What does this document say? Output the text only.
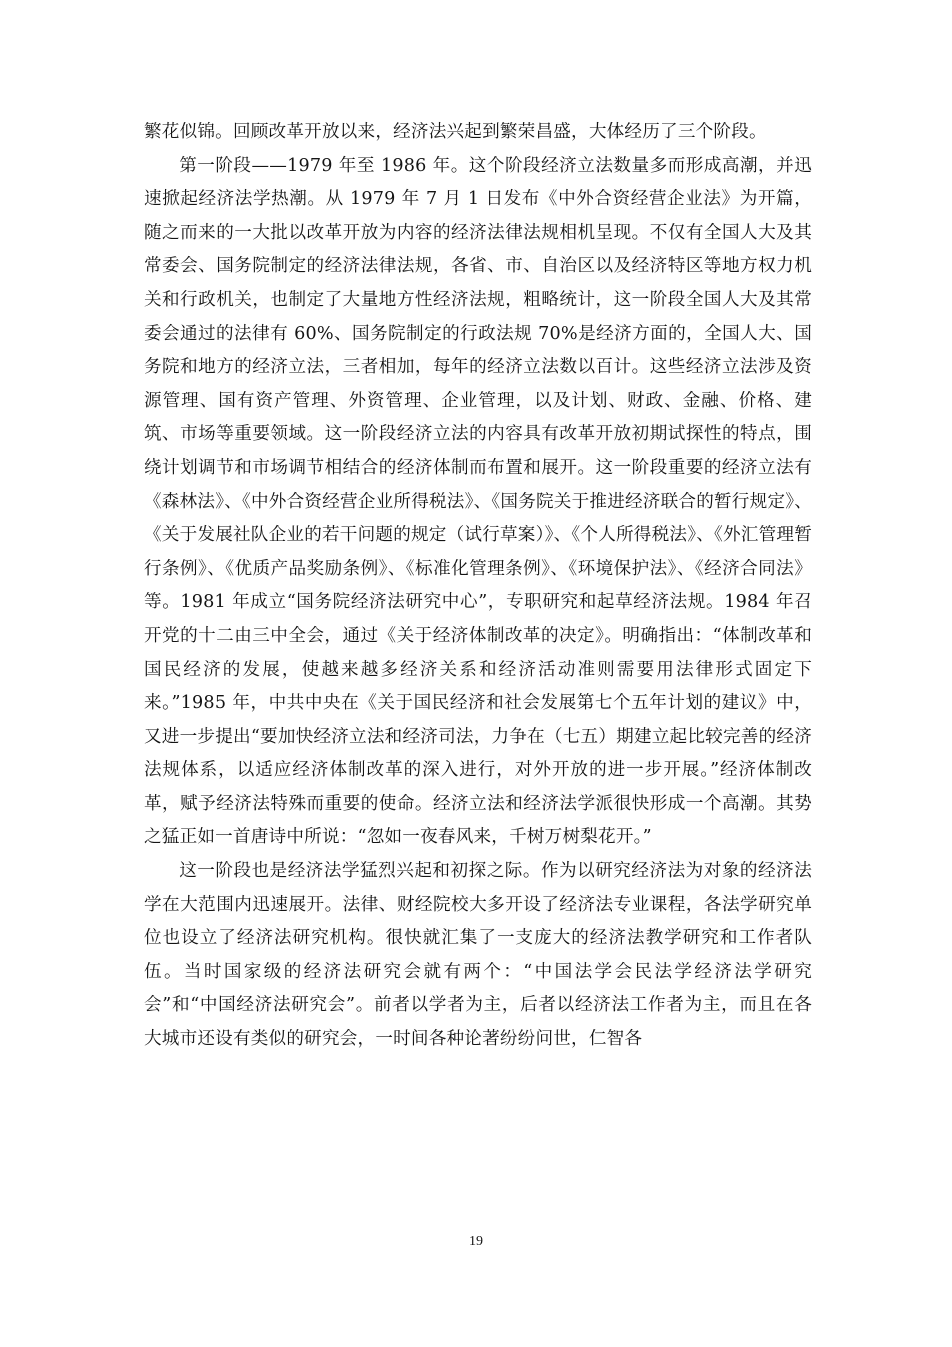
繁花似锦。回顾改革开放以来，经济法兴起到繁荣昌盛，大体经历了三个阶段。

第一阶段——1979 年至 1986 年。这个阶段经济立法数量多而形成高潮，并迅速掀起经济法学热潮。从 1979 年 7 月 1 日发布《中外合资经营企业法》为开篇，随之而来的一大批以改革开放为内容的经济法律法规相机呈现。不仅有全国人大及其常委会、国务院制定的经济法律法规，各省、市、自治区以及经济特区等地方权力机关和行政机关，也制定了大量地方性经济法规，粗略统计，这一阶段全国人大及其常委会通过的法律有 60%、国务院制定的行政法规 70%是经济方面的，全国人大、国务院和地方的经济立法，三者相加，每年的经济立法数以百计。这些经济立法涉及资源管理、国有资产管理、外资管理、企业管理，以及计划、财政、金融、价格、建筑、市场等重要领域。这一阶段经济立法的内容具有改革开放初期试探性的特点，围绕计划调节和市场调节相结合的经济体制而布置和展开。这一阶段重要的经济立法有《森林法》、《中外合资经营企业所得税法》、《国务院关于推进经济联合的暂行规定》、《关于发展社队企业的若干问题的规定（试行草案）》、《个人所得税法》、《外汇管理暂行条例》、《优质产品奖励条例》、《标准化管理条例》、《环境保护法》、《经济合同法》等。1981 年成立“国务院经济法研究中心”，专职研究和起草经济法规。1984 年召开党的十二由三中全会，通过《关于经济体制改革的决定》。明确指出：“体制改革和国民经济的发展，使越来越多经济关系和经济活动准则需要用法律形式固定下来。”1985 年，中共中央在《关于国民经济和社会发展第七个五年计划的建议》中，又进一步提出“要加快经济立法和经济司法，力争在（七五）期建立起比较完善的经济法规体系，以适应经济体制改革的深入进行，对外开放的进一步开展。”经济体制改革，赋予经济法特殊而重要的使命。经济立法和经济法学派很快形成一个高潮。其势之猛正如一首唐诗中所说：“忽如一夜春风来，千树万树梨花开。”

这一阶段也是经济法学猛烈兴起和初探之际。作为以研究经济法为对象的经济法学在大范围内迅速展开。法律、财经院校大多开设了经济法专业课程，各法学研究单位也设立了经济法研究机构。很快就汇集了一支庞大的经济法教学研究和工作者队伍。当时国家级的经济法研究会就有两个：“中国法学会民法学经济法学研究会”和“中国经济法研究会”。前者以学者为主，后者以经济法工作者为主，而且在各大城市还设有类似的研究会，一时间各种论著纷纷问世，仁智各

19
